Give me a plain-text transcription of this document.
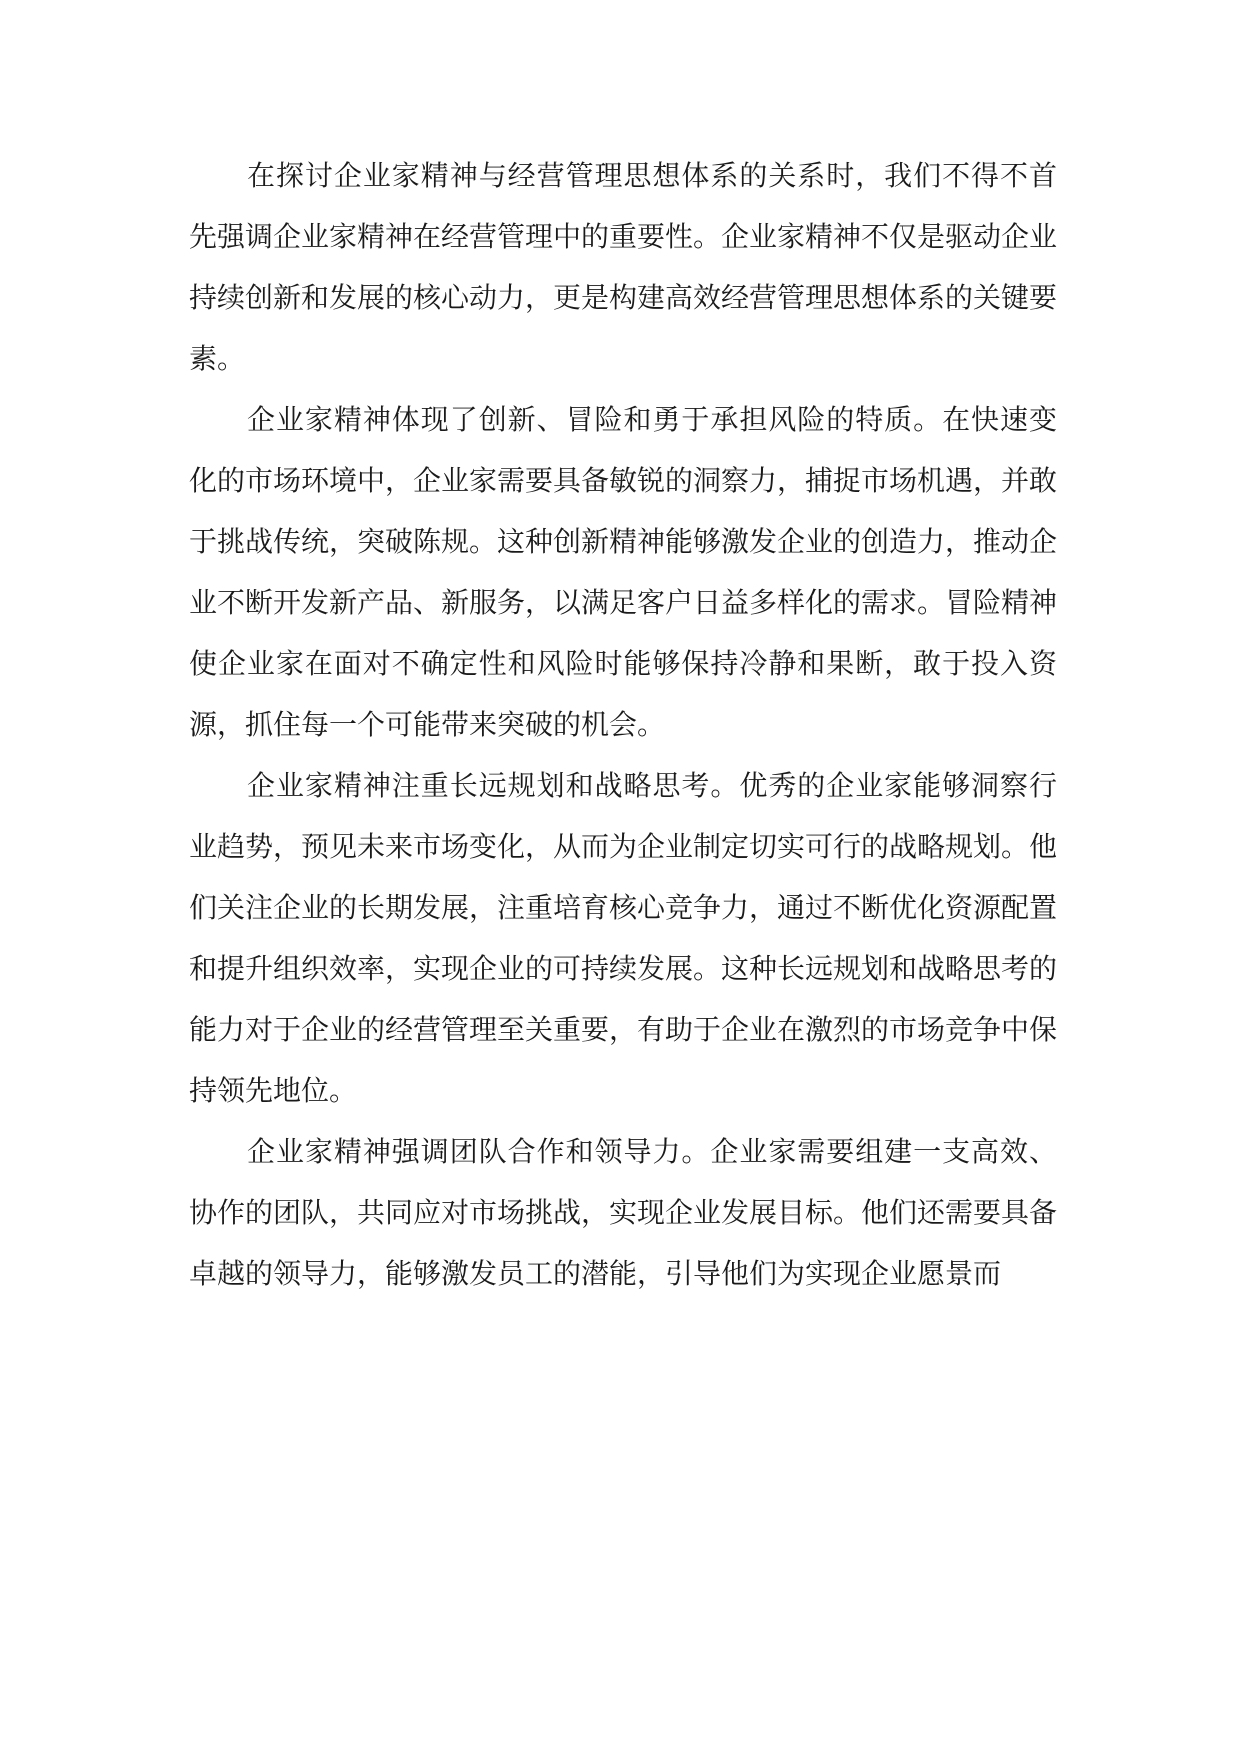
在探讨企业家精神与经营管理思想体系的关系时，我们不得不首先强调企业家精神在经营管理中的重要性。企业家精神不仅是驱动企业持续创新和发展的核心动力，更是构建高效经营管理思想体系的关键要素。

企业家精神体现了创新、冒险和勇于承担风险的特质。在快速变化的市场环境中，企业家需要具备敏锐的洞察力，捕捉市场机遇，并敢于挑战传统，突破陈规。这种创新精神能够激发企业的创造力，推动企业不断开发新产品、新服务，以满足客户日益多样化的需求。冒险精神使企业家在面对不确定性和风险时能够保持冷静和果断，敢于投入资源，抓住每一个可能带来突破的机会。

企业家精神注重长远规划和战略思考。优秀的企业家能够洞察行业趋势，预见未来市场变化，从而为企业制定切实可行的战略规划。他们关注企业的长期发展，注重培育核心竞争力，通过不断优化资源配置和提升组织效率，实现企业的可持续发展。这种长远规划和战略思考的能力对于企业的经营管理至关重要，有助于企业在激烈的市场竞争中保持领先地位。

企业家精神强调团队合作和领导力。企业家需要组建一支高效、协作的团队，共同应对市场挑战，实现企业发展目标。他们还需要具备卓越的领导力，能够激发员工的潜能，引导他们为实现企业愿景而
